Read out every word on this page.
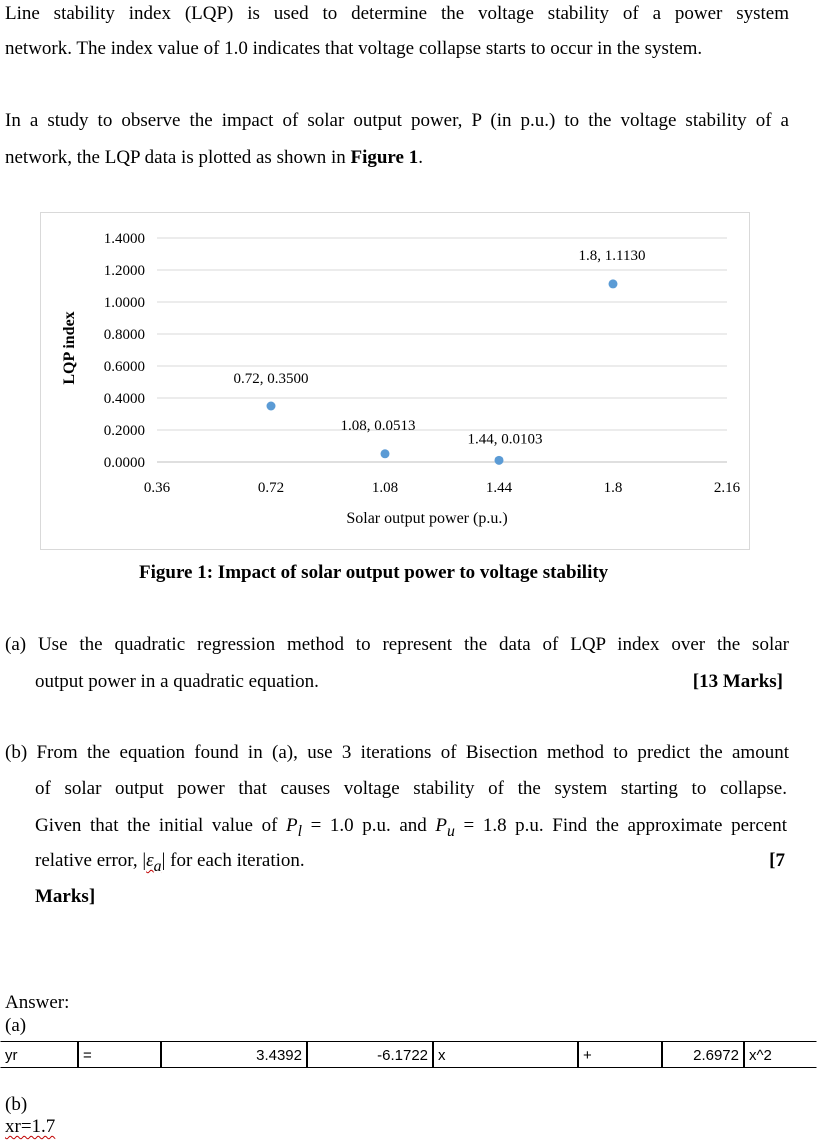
Line stability index (LQP) is used to determine the voltage stability of a power system
network. The index value of 1.0 indicates that voltage collapse starts to occur in the system.
In a study to observe the impact of solar output power, P (in p.u.) to the voltage stability of a
network, the LQP data is plotted as shown in Figure 1.
0.0000
0.2000
0.4000
0.6000
0.8000
1.0000
1.2000
1.4000
0.36	0.72	1.08	1.44	1.8	2.16
Solar output power (p.u.)
LQP index	0.72, 0.3500
1.08, 0.0513
1.44, 0.0103
1.8, 1.1130
Figure 1: Impact of solar output power to voltage stability
(a) Use the quadratic regression method to represent the data of LQP index over the solar
output power in a quadratic equation.	[13 Marks]
(b) From the equation found in (a), use 3 iterations of Bisection method to predict the amount
of solar output power that causes voltage stability of the system starting to collapse.
Given that the initial value of $P_l = 1.0$ p.u. and $P_u = 1.8$ p.u. Find the approximate percent
relative error, $|\varepsilon_a|$ for each iteration.	[7
Marks]
Answer:
(a)
yr	=	3.4392	-6.1722 x	+	2.6972 x^2
(b)
xr=1.7
